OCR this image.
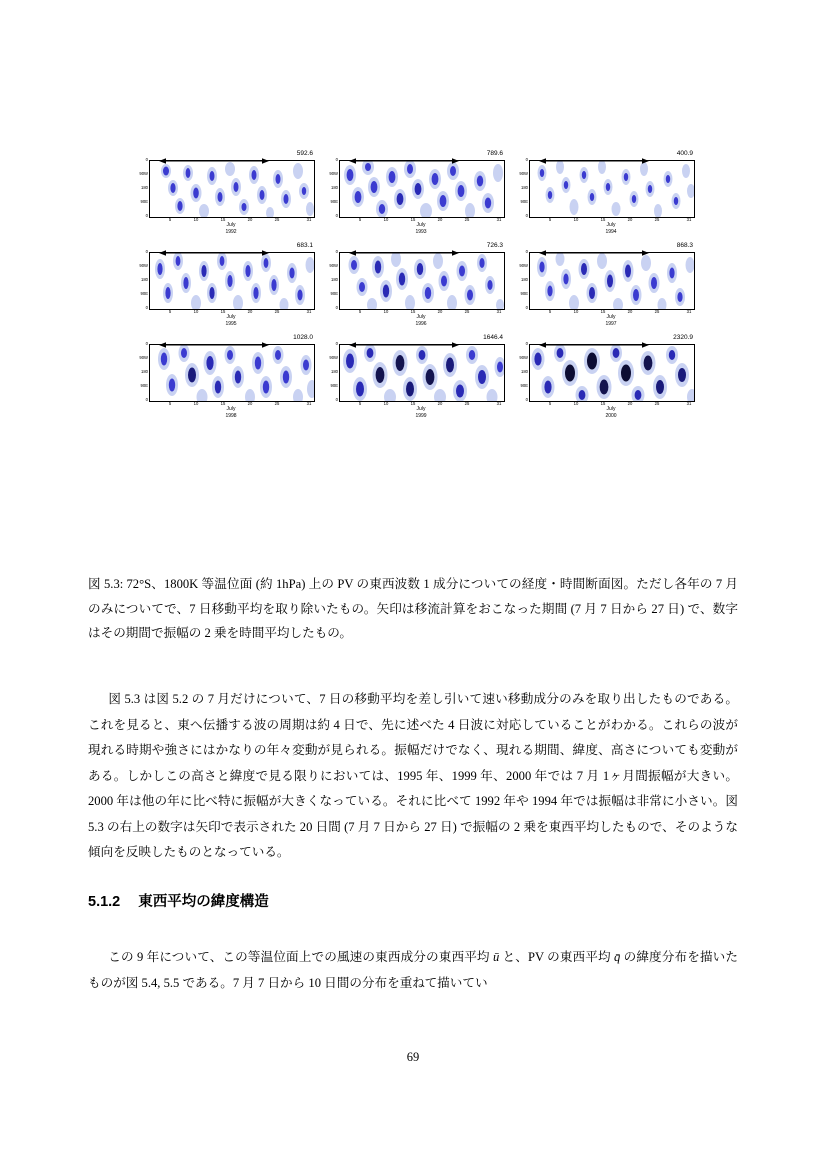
592.6
0
90W
180
90E
0
5	10	15	20	25	31
July
1992
789.6
0
90W
180
90E
0
5	10	15	20	25	31
July
1993
400.9
0
90W
180
90E
0
5	10	15	20	25	31
July
1994
683.1
0
90W
180
90E
0
5	10	15	20	25	31
July
1995
726.3
0
90W
180
90E
0
5	10	15	20	25	31
July
1996
868.3
0
90W
180
90E
0
5	10	15	20	25	31
July
1997
1028.0
0
90W
180
90E
0
5	10	15	20	25	31
July
1998
1646.4
0
90W
180
90E
0
5	10	15	20	25	31
July
1999
2320.9
0
90W
180
90E
0
5	10	15	20	25	31
July
2000
図 5.3: 72°S、1800K 等温位面 (約 1hPa) 上の PV の東西波数 1 成分についての経度・時間断面図。ただし各年の 7 月のみについてで、7 日移動平均を取り除いたもの。矢印は移流計算をおこなった期間 (7 月 7 日から 27 日) で、数字はその期間で振幅の 2 乗を時間平均したもの。
図 5.3 は図 5.2 の 7 月だけについて、7 日の移動平均を差し引いて速い移動成分のみを取り出したものである。これを見ると、東へ伝播する波の周期は約 4 日で、先に述べた 4 日波に対応していることがわかる。これらの波が現れる時期や強さにはかなりの年々変動が見られる。振幅だけでなく、現れる期間、緯度、高さについても変動がある。しかしこの高さと緯度で見る限りにおいては、1995 年、1999 年、2000 年では 7 月 1ヶ月間振幅が大きい。2000 年は他の年に比べ特に振幅が大きくなっている。それに比べて 1992 年や 1994 年では振幅は非常に小さい。図 5.3 の右上の数字は矢印で表示された 20 日間 (7 月 7 日から 27 日) で振幅の 2 乗を東西平均したもので、そのような傾向を反映したものとなっている。
5.1.2 東西平均の緯度構造
この 9 年について、この等温位面上での風速の東西成分の東西平均 ū と、PV の東西平均 q̄ の緯度分布を描いたものが図 5.4, 5.5 である。7 月 7 日から 10 日間の分布を重ねて描いてい
69
